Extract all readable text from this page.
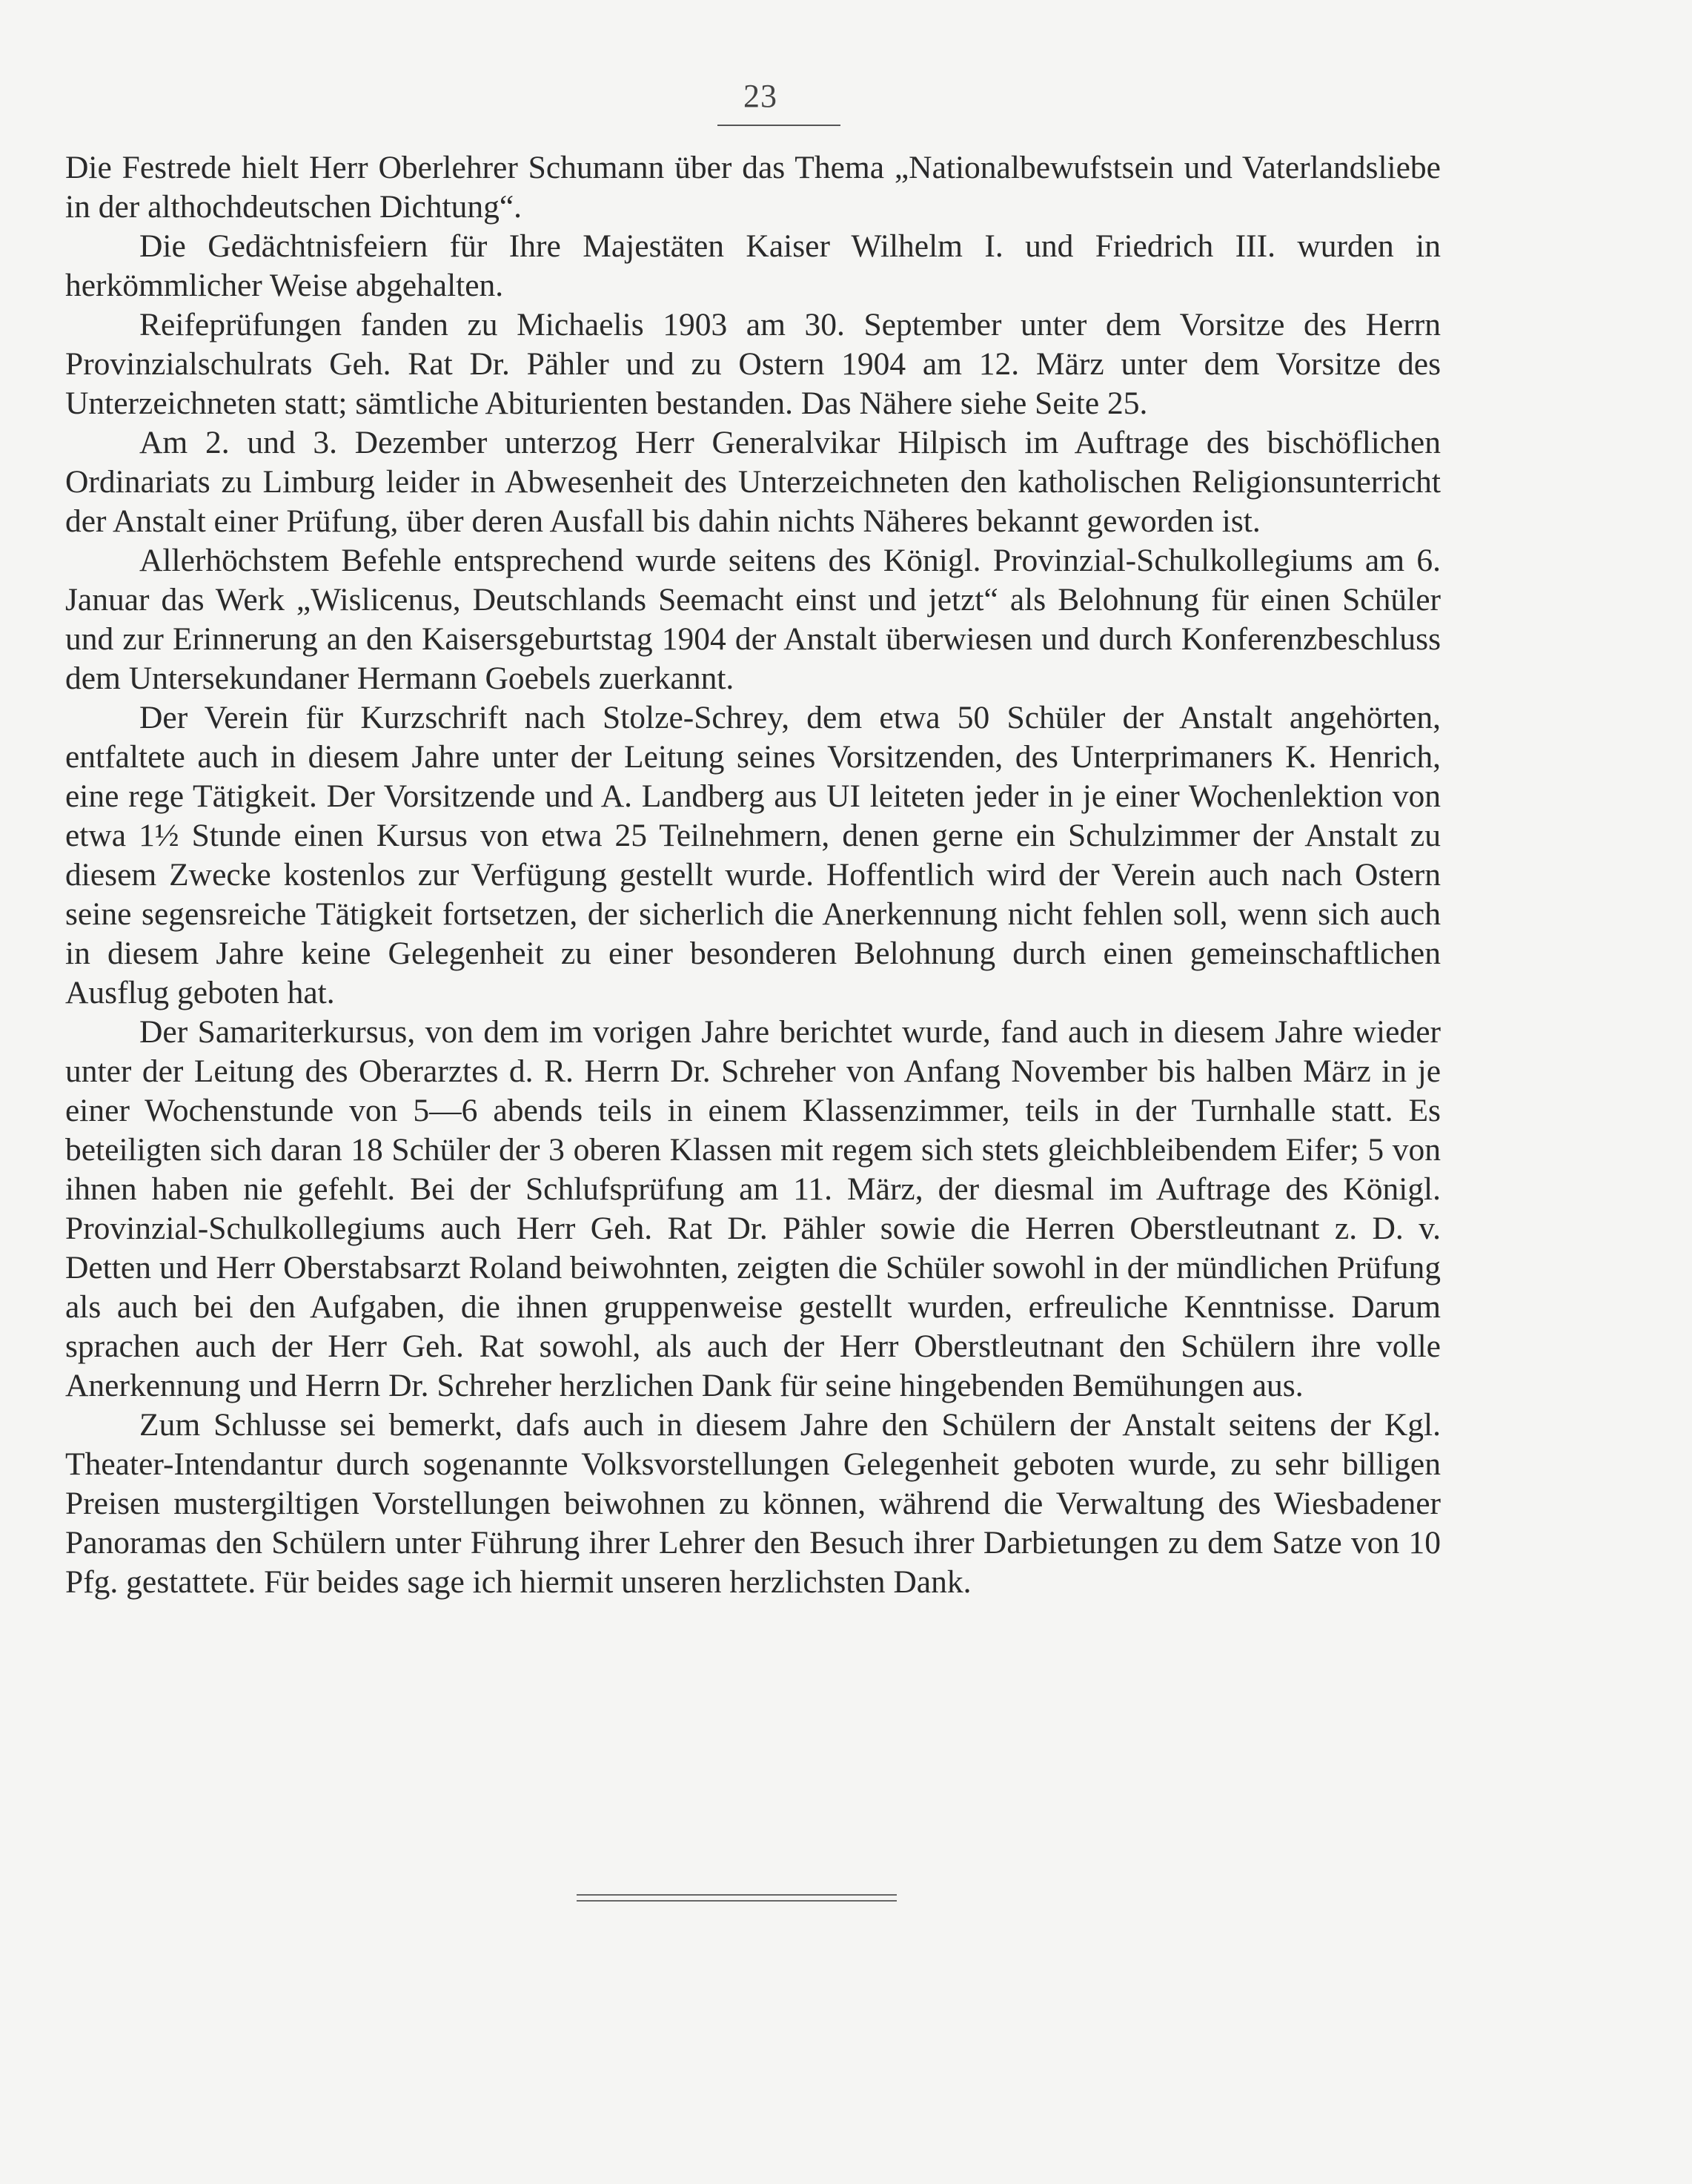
23

Die Festrede hielt Herr Oberlehrer Schumann über das Thema „Nationalbewufstsein und Vaterlandsliebe in der althochdeutschen Dichtung“.

Die Gedächtnisfeiern für Ihre Majestäten Kaiser Wilhelm I. und Friedrich III. wurden in herkömmlicher Weise abgehalten.

Reifeprüfungen fanden zu Michaelis 1903 am 30. September unter dem Vorsitze des Herrn Provinzialschulrats Geh. Rat Dr. Pähler und zu Ostern 1904 am 12. März unter dem Vorsitze des Unterzeichneten statt; sämtliche Abiturienten bestanden. Das Nähere siehe Seite 25.

Am 2. und 3. Dezember unterzog Herr Generalvikar Hilpisch im Auftrage des bischöflichen Ordinariats zu Limburg leider in Abwesenheit des Unterzeichneten den katholischen Religionsunterricht der Anstalt einer Prüfung, über deren Ausfall bis dahin nichts Näheres bekannt geworden ist.

Allerhöchstem Befehle entsprechend wurde seitens des Königl. Provinzial-Schulkollegiums am 6. Januar das Werk „Wislicenus, Deutschlands Seemacht einst und jetzt“ als Belohnung für einen Schüler und zur Erinnerung an den Kaisersgeburtstag 1904 der Anstalt überwiesen und durch Konferenzbeschluss dem Untersekundaner Hermann Goebels zuerkannt.

Der Verein für Kurzschrift nach Stolze-Schrey, dem etwa 50 Schüler der Anstalt angehörten, entfaltete auch in diesem Jahre unter der Leitung seines Vorsitzenden, des Unterprimaners K. Henrich, eine rege Tätigkeit. Der Vorsitzende und A. Landberg aus UI leiteten jeder in je einer Wochenlektion von etwa 1½ Stunde einen Kursus von etwa 25 Teilnehmern, denen gerne ein Schulzimmer der Anstalt zu diesem Zwecke kostenlos zur Verfügung gestellt wurde. Hoffentlich wird der Verein auch nach Ostern seine segensreiche Tätigkeit fortsetzen, der sicherlich die Anerkennung nicht fehlen soll, wenn sich auch in diesem Jahre keine Gelegenheit zu einer besonderen Belohnung durch einen gemeinschaftlichen Ausflug geboten hat.

Der Samariterkursus, von dem im vorigen Jahre berichtet wurde, fand auch in diesem Jahre wieder unter der Leitung des Oberarztes d. R. Herrn Dr. Schreher von Anfang November bis halben März in je einer Wochenstunde von 5—6 abends teils in einem Klassenzimmer, teils in der Turnhalle statt. Es beteiligten sich daran 18 Schüler der 3 oberen Klassen mit regem sich stets gleichbleibendem Eifer; 5 von ihnen haben nie gefehlt. Bei der Schlufsprüfung am 11. März, der diesmal im Auftrage des Königl. Provinzial-Schulkollegiums auch Herr Geh. Rat Dr. Pähler sowie die Herren Oberstleutnant z. D. v. Detten und Herr Oberstabsarzt Roland beiwohnten, zeigten die Schüler sowohl in der mündlichen Prüfung als auch bei den Aufgaben, die ihnen gruppenweise gestellt wurden, erfreuliche Kenntnisse. Darum sprachen auch der Herr Geh. Rat sowohl, als auch der Herr Oberstleutnant den Schülern ihre volle Anerkennung und Herrn Dr. Schreher herzlichen Dank für seine hingebenden Bemühungen aus.

Zum Schlusse sei bemerkt, dafs auch in diesem Jahre den Schülern der Anstalt seitens der Kgl. Theater-Intendantur durch sogenannte Volksvorstellungen Gelegenheit geboten wurde, zu sehr billigen Preisen mustergiltigen Vorstellungen beiwohnen zu können, während die Verwaltung des Wiesbadener Panoramas den Schülern unter Führung ihrer Lehrer den Besuch ihrer Darbietungen zu dem Satze von 10 Pfg. gestattete. Für beides sage ich hiermit unseren herzlichsten Dank.
